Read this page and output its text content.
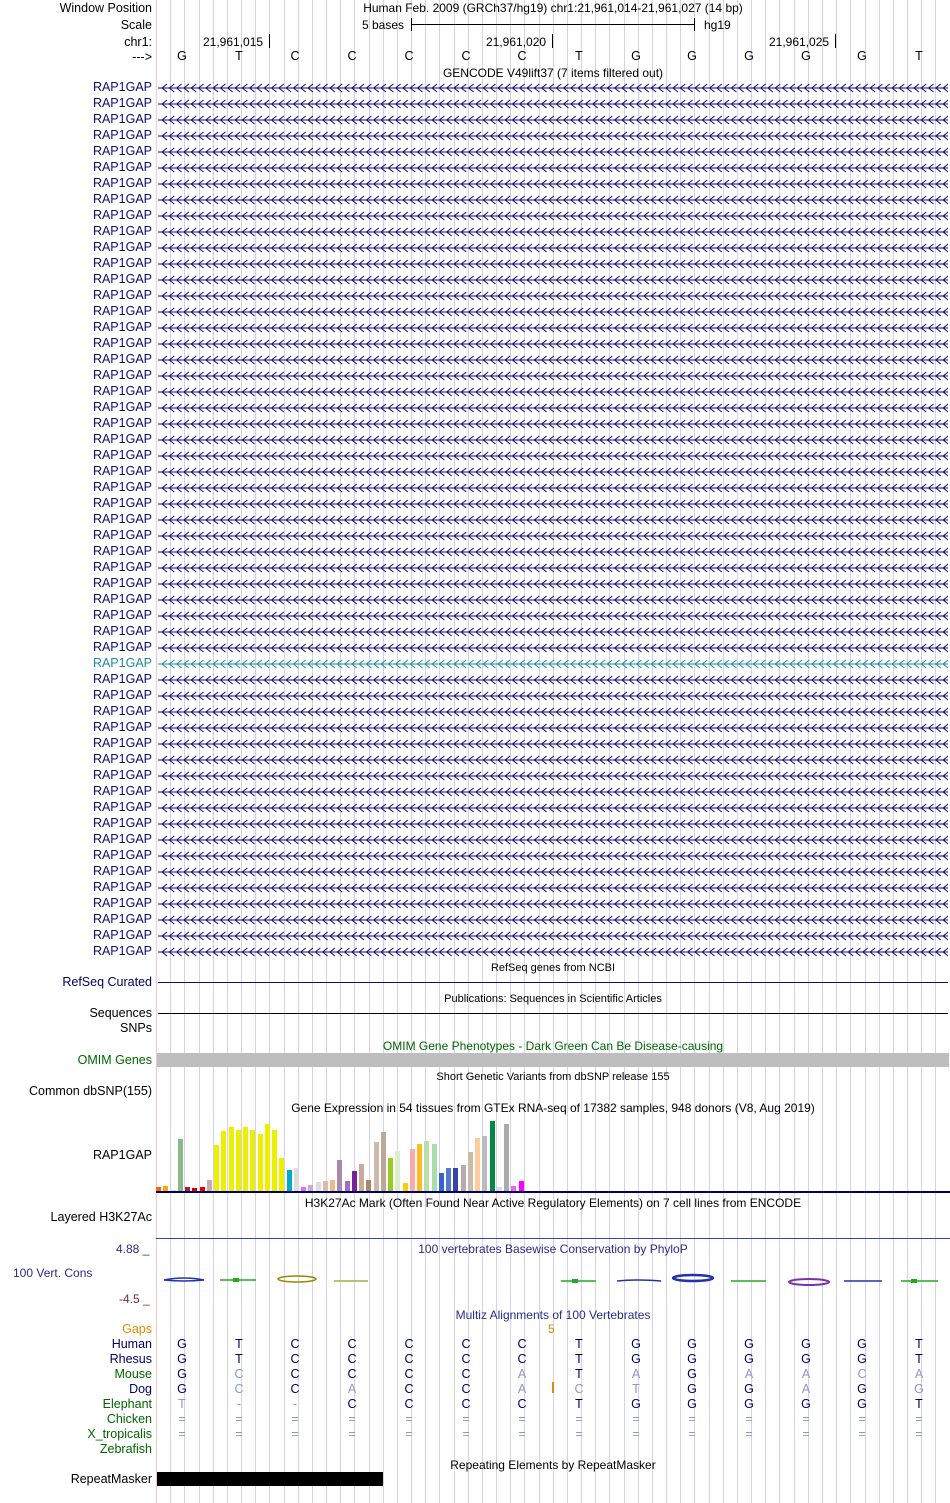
Window Position
Scale
chr1:
--->
Human Feb. 2009 (GRCh37/hg19) chr1:21,961,014-21,961,027 (14 bp)
5 bases	hg19
21,961,015	21,961,020	21,961,025
G	T	C	C	C	C	C	T	G	G	G	G	G	T
GENCODE V49lift37 (7 items filtered out)
RAP1GAP
RAP1GAP
RAP1GAP
RAP1GAP
RAP1GAP
RAP1GAP
RAP1GAP
RAP1GAP
RAP1GAP
RAP1GAP
RAP1GAP
RAP1GAP
RAP1GAP
RAP1GAP
RAP1GAP
RAP1GAP
RAP1GAP
RAP1GAP
RAP1GAP
RAP1GAP
RAP1GAP
RAP1GAP
RAP1GAP
RAP1GAP
RAP1GAP
RAP1GAP
RAP1GAP
RAP1GAP
RAP1GAP
RAP1GAP
RAP1GAP
RAP1GAP
RAP1GAP
RAP1GAP
RAP1GAP
RAP1GAP
RAP1GAP
RAP1GAP
RAP1GAP
RAP1GAP
RAP1GAP
RAP1GAP
RAP1GAP
RAP1GAP
RAP1GAP
RAP1GAP
RAP1GAP
RAP1GAP
RAP1GAP
RAP1GAP
RAP1GAP
RAP1GAP
RAP1GAP
RAP1GAP
RAP1GAP
RefSeq genes from NCBI
RefSeq Curated
Publications: Sequences in Scientific Articles
Sequences
SNPs
OMIM Gene Phenotypes - Dark Green Can Be Disease-causing
OMIM Genes
Short Genetic Variants from dbSNP release 155
Common dbSNP(155)
Gene Expression in 54 tissues from GTEx RNA-seq of 17382 samples, 948 donors (V8, Aug 2019)
RAP1GAP
H3K27Ac Mark (Often Found Near Active Regulatory Elements) on 7 cell lines from ENCODE
Layered H3K27Ac
100 vertebrates Basewise Conservation by PhyloP
4.88 _
100 Vert. Cons
-4.5 _
Multiz Alignments of 100 Vertebrates
Gaps	5
Human	G	T	C	C	C	C	C	T	G	G	G	G	G	T
Rhesus	G	T	C	C	C	C	C	T	G	G	G	G	G	T
Mouse	G	C	C	C	C	C	A	T	A	G	A	A	C	A
Dog	G	C	C	A	C	C	A	C	T	G	G	A	G	G
Elephant	T	-	-	C	C	C	C	T	G	G	G	G	G	T
Chicken	=	=	=	=	=	=	=	=	=	=	=	=	=	=
X_tropicalis	=	=	=	=	=	=	=	=	=	=	=	=	=	=
Zebrafish
Repeating Elements by RepeatMasker
RepeatMasker
